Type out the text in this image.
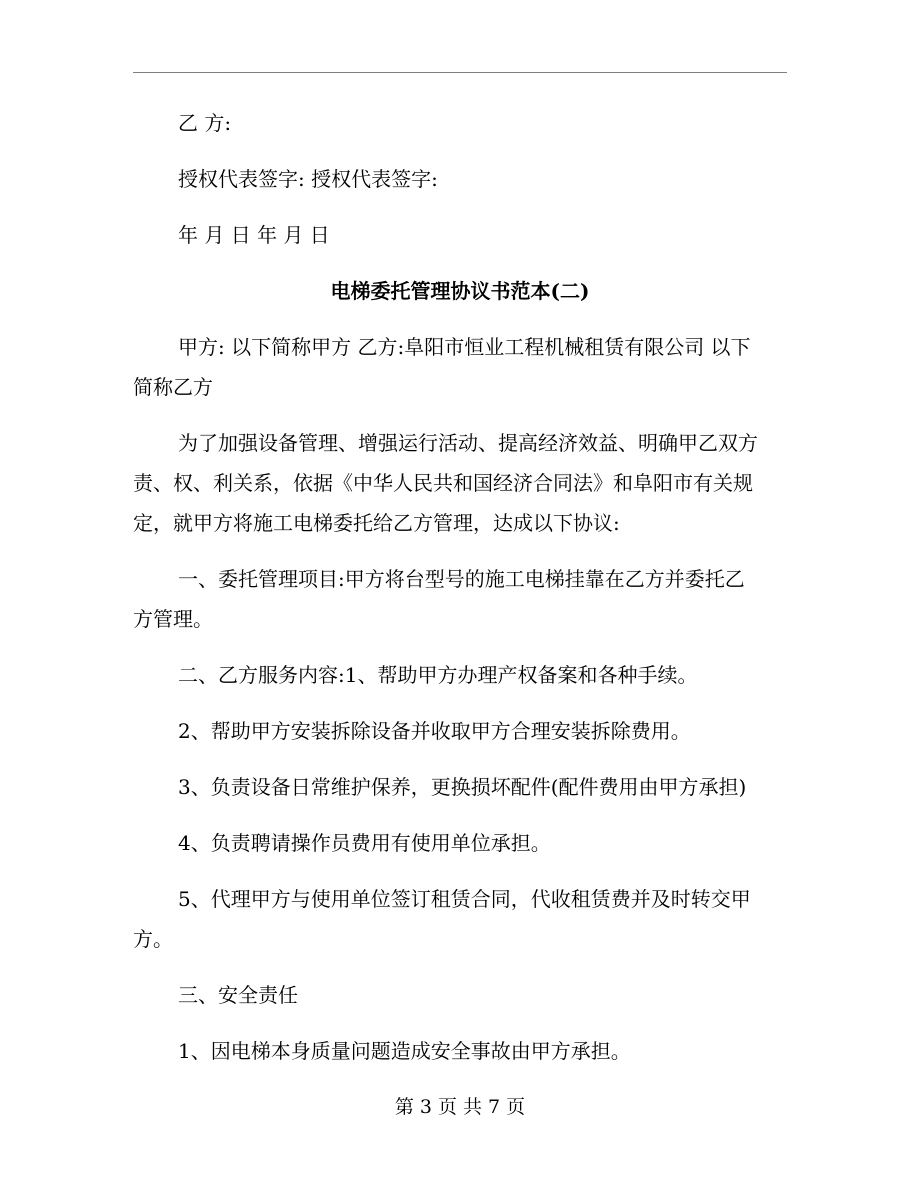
乙 方:
授权代表签字: 授权代表签字:
年 月 日 年 月 日
电梯委托管理协议书范本(二)
甲方: 以下简称甲方 乙方:阜阳市恒业工程机械租赁有限公司 以下
简称乙方
为了加强设备管理、增强运行活动、提高经济效益、明确甲乙双方
责、权、利关系，依据《中华人民共和国经济合同法》和阜阳市有关规
定，就甲方将施工电梯委托给乙方管理，达成以下协议:
一、委托管理项目:甲方将台型号的施工电梯挂靠在乙方并委托乙
方管理。
二、乙方服务内容:1、帮助甲方办理产权备案和各种手续。
2、帮助甲方安装拆除设备并收取甲方合理安装拆除费用。
3、负责设备日常维护保养，更换损坏配件(配件费用由甲方承担)
4、负责聘请操作员费用有使用单位承担。
5、代理甲方与使用单位签订租赁合同，代收租赁费并及时转交甲
方。
三、安全责任
1、因电梯本身质量问题造成安全事故由甲方承担。
第 3 页 共 7 页
